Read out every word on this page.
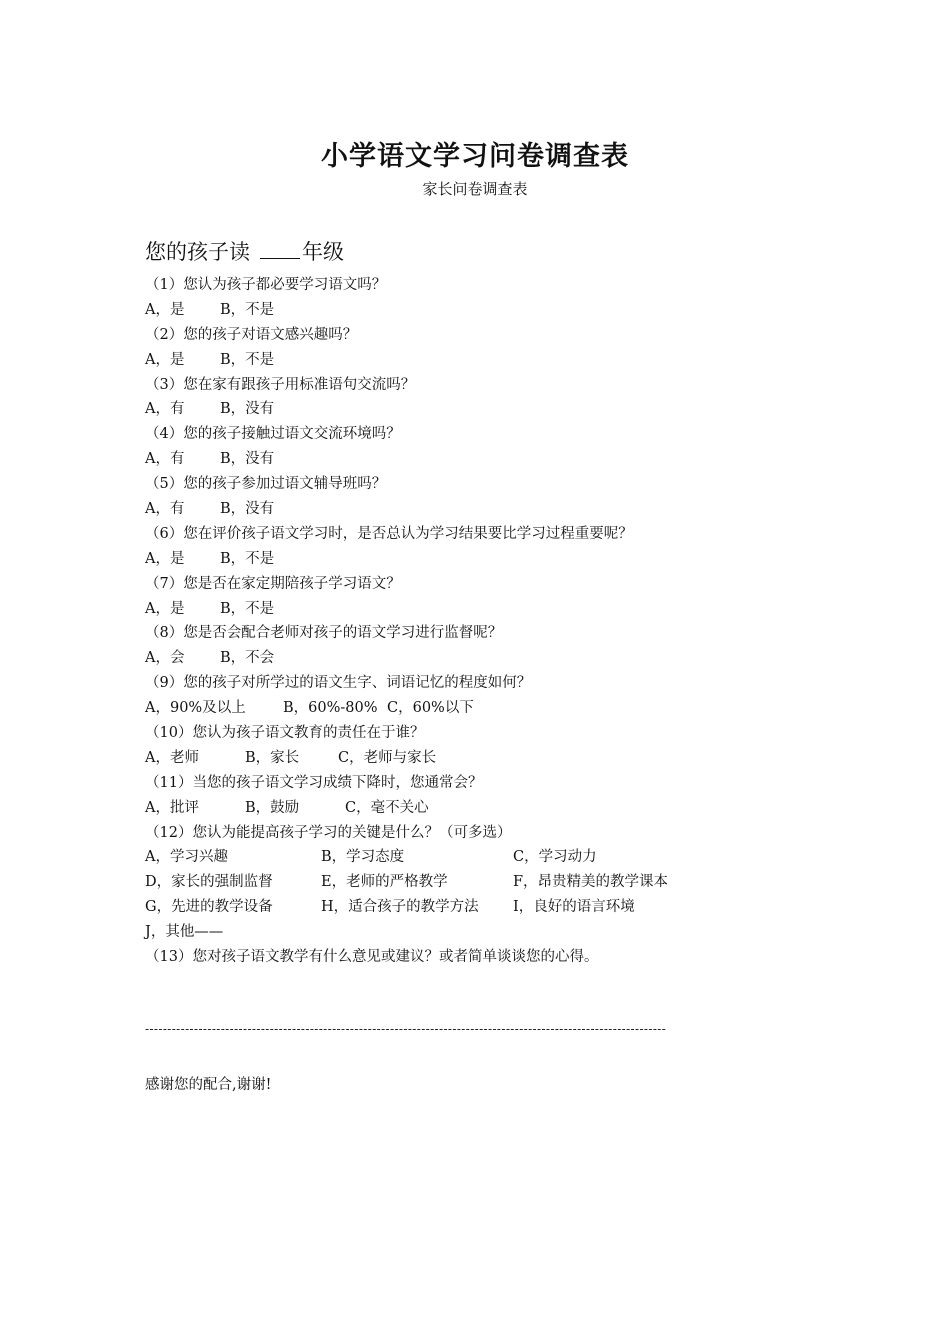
小学语文学习问卷调查表
家长问卷调查表
您的孩子读 年级
（1）您认为孩子都必要学习语文吗？
A，是 B，不是
（2）您的孩子对语文感兴趣吗？
A，是 B，不是
（3）您在家有跟孩子用标准语句交流吗？
A，有 B，没有
（4）您的孩子接触过语文交流环境吗？
A，有 B，没有
（5）您的孩子参加过语文辅导班吗？
A，有 B，没有
（6）您在评价孩子语文学习时，是否总认为学习结果要比学习过程重要呢？
A，是 B，不是
（7）您是否在家定期陪孩子学习语文？
A，是 B，不是
（8）您是否会配合老师对孩子的语文学习进行监督呢？
A，会 B，不会
（9）您的孩子对所学过的语文生字、词语记忆的程度如何？
A，90%及以上	B，60%-80% C，60%以下
（10）您认为孩子语文教育的责任在于谁？
A，老师	B，家长	C，老师与家长
（11）当您的孩子语文学习成绩下降时，您通常会？
A，批评	B，鼓励	C，毫不关心
（12）您认为能提高孩子学习的关键是什么？（可多选）
A，学习兴趣	B，学习态度	C，学习动力
D，家长的强制监督	E，老师的严格教学	F，昂贵精美的教学课本
G，先进的教学设备	H，适合孩子的教学方法 I，良好的语言环境
J，其他——
（13）您对孩子语文教学有什么意见或建议？或者简单谈谈您的心得。
---------------------------------------------------------------------------------------------------------------------
感谢您的配合,谢谢!
